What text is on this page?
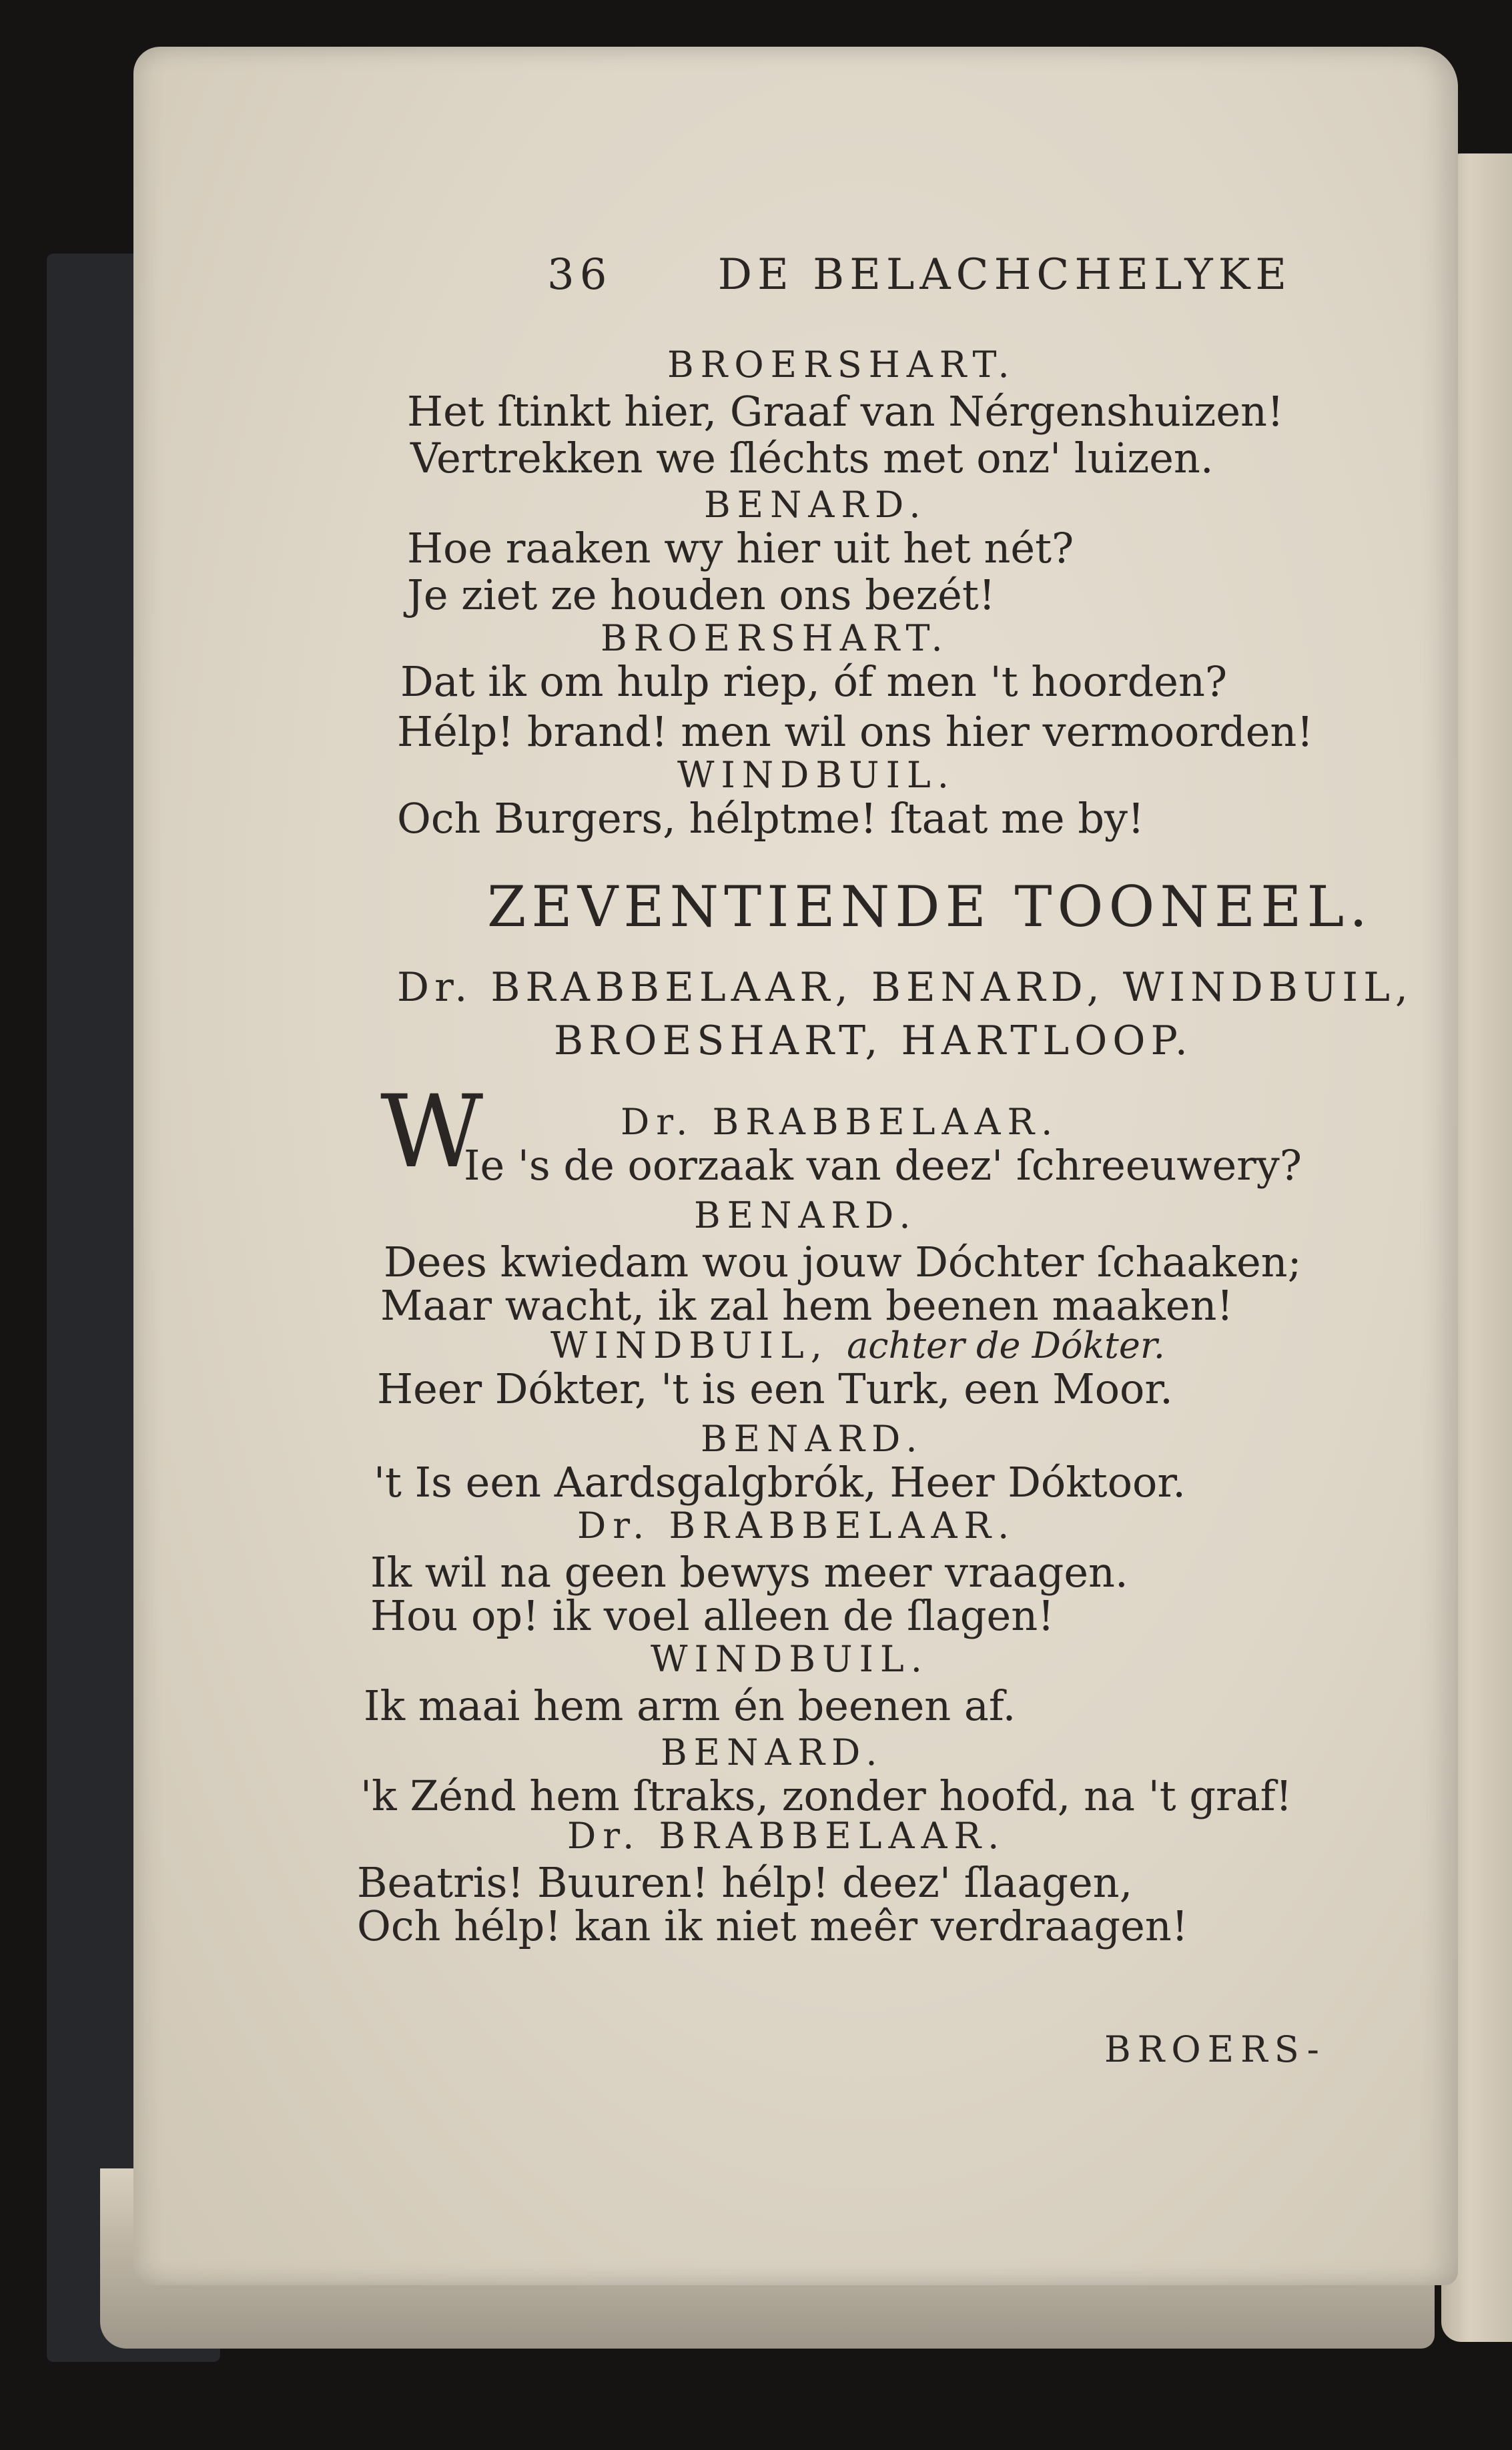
36 DE BELACHCHELYKE
BROERSHART.
Het ſtinkt hier, Graaf van Nérgenshuizen!
Vertrekken we ſléchts met onz' luizen.
BENARD.
Hoe raaken wy hier uit het nét?
Je ziet ze houden ons bezét!
BROERSHART.
Dat ik om hulp riep, óf men 't hoorden?
Hélp! brand! men wil ons hier vermoorden!
WINDBUIL.
Och Burgers, hélptme! ſtaat me by!
ZEVENTIENDE TOONEEL.
Dr. BRABBELAAR, BENARD, WINDBUIL,
BROESHART, HARTLOOP.
Dr. BRABBELAAR.
W
Ie 's de oorzaak van deez' ſchreeuwery?
BENARD.
Dees kwiedam wou jouw Dóchter ſchaaken;
Maar wacht, ik zal hem beenen maaken!
WINDBUIL, achter de Dókter.
Heer Dókter, 't is een Turk, een Moor.
BENARD.
't Is een Aardsgalgbrók, Heer Dóktoor.
Dr. BRABBELAAR.
Ik wil na geen bewys meer vraagen.
Hou op! ik voel alleen de ſlagen!
WINDBUIL.
Ik maai hem arm én beenen af.
BENARD.
'k Zénd hem ſtraks, zonder hoofd, na 't graf!
Dr. BRABBELAAR.
Beatris! Buuren! hélp! deez' ſlaagen,
Och hélp! kan ik niet meêr verdraagen!
BROERS-
